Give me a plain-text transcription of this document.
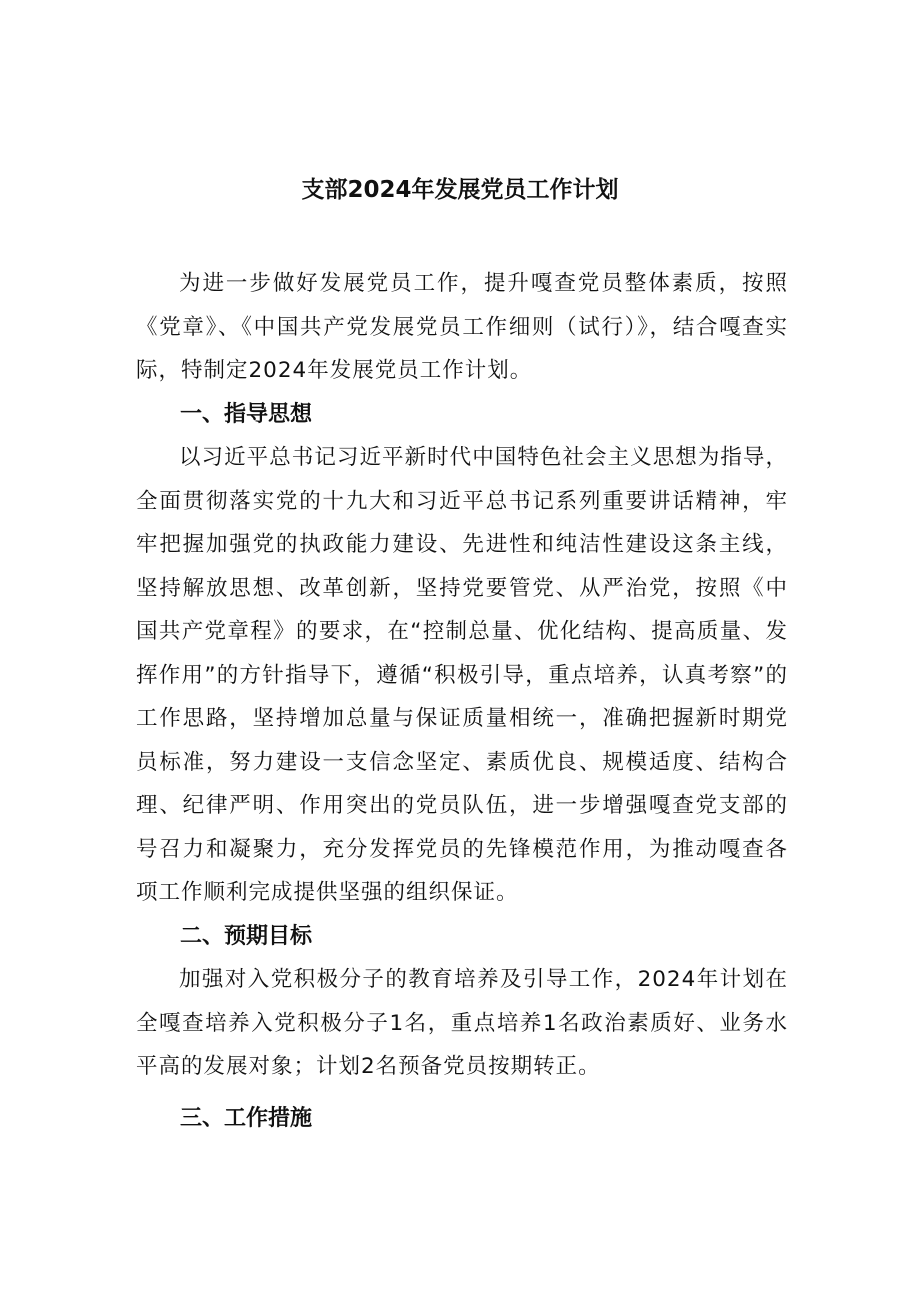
支部2024年发展党员工作计划

为进一步做好发展党员工作，提升嘎查党员整体素质，按照《党章》、《中国共产党发展党员工作细则（试行）》，结合嘎查实际，特制定2024年发展党员工作计划。

一、指导思想

以习近平总书记习近平新时代中国特色社会主义思想为指导，全面贯彻落实党的十九大和习近平总书记系列重要讲话精神，牢牢把握加强党的执政能力建设、先进性和纯洁性建设这条主线，坚持解放思想、改革创新，坚持党要管党、从严治党，按照《中国共产党章程》的要求，在“控制总量、优化结构、提高质量、发挥作用”的方针指导下，遵循“积极引导，重点培养，认真考察”的工作思路，坚持增加总量与保证质量相统一，准确把握新时期党员标准，努力建设一支信念坚定、素质优良、规模适度、结构合理、纪律严明、作用突出的党员队伍，进一步增强嘎查党支部的号召力和凝聚力，充分发挥党员的先锋模范作用，为推动嘎查各项工作顺利完成提供坚强的组织保证。

二、预期目标

加强对入党积极分子的教育培养及引导工作，2024年计划在全嘎查培养入党积极分子1名，重点培养1名政治素质好、业务水平高的发展对象；计划2名预备党员按期转正。

三、工作措施
